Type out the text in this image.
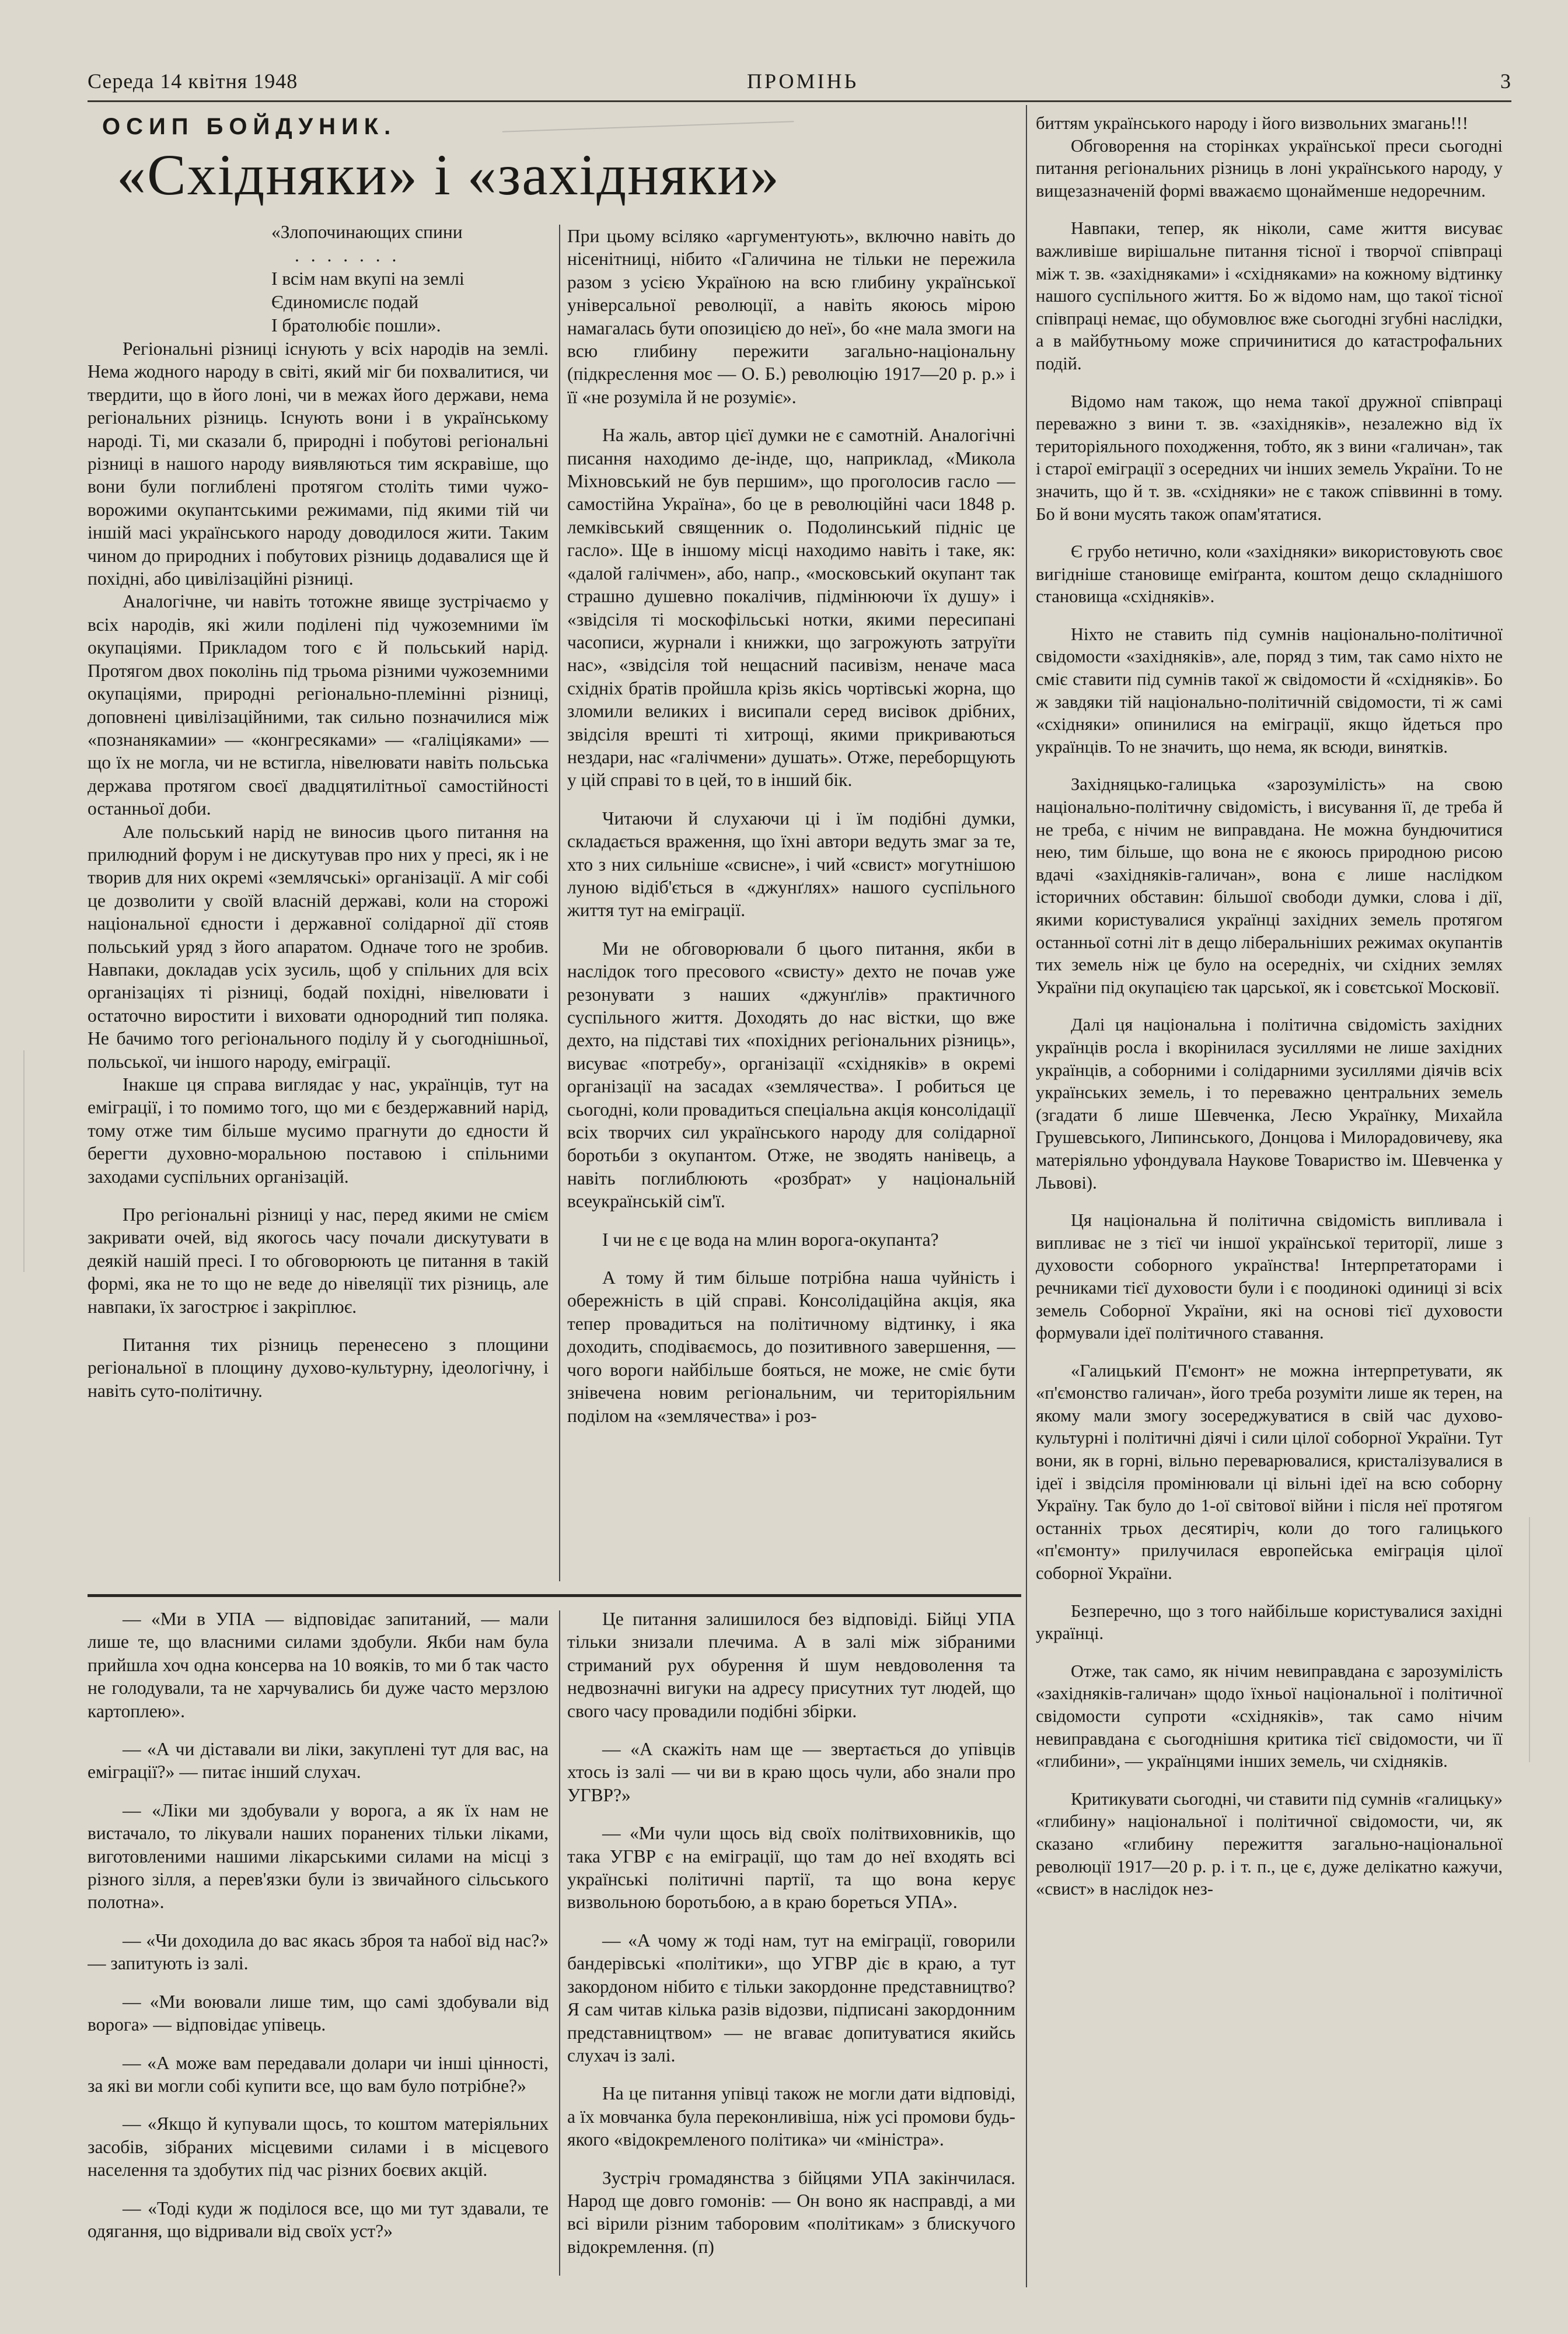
Середа 14 квітня 1948	ПРОМІНЬ	3
ОСИП БОЙДУНИК.
«Східняки» і «західняки»
«Злопочинающих спини
. . . . . . .
І всім нам вкупі на землі
Єдиномислє подай
І братолюбіє пошли».

Регіональні різниці існують у всіх народів на землі. Нема жодного народу в світі, який міг би похвалитися, чи твердити, що в його лоні, чи в межах його держави, нема регіональних різниць. Існують вони і в українському народі. Ті, ми сказали б, природні і побутові регіональні різниці в нашого народу виявляються тим яскравіше, що вони були поглиблені протягом століть тими чужо-ворожими окупантськими режимами, під якими тій чи іншій масі українського народу доводилося жити. Таким чином до природних і побутових різниць додавалися ще й похідні, або цивілізаційні різниці.

Аналогічне, чи навіть тотожне явище зустрічаємо у всіх народів, які жили поділені під чужоземними їм окупаціями. Прикладом того є й польський нарід. Протягом двох поколінь під трьома різними чужоземними окупаціями, природні регіонально-племінні різниці, доповнені цивілізаційними, так сильно позначилися між «познанякамии» — «конгресяками» — «галіціяками» — що їх не могла, чи не встигла, нівелювати навіть польська держава протягом своєї двадцятилітньої самостійності останньої доби.

Але польський нарід не виносив цього питання на прилюдний форум і не дискутував про них у пресі, як і не творив для них окремі «землячські» організації. А міг собі це дозволити у своїй власній державі, коли на сторожі національної єдности і державної солідарної дії стояв польський уряд з його апаратом. Одначе того не зробив. Навпаки, докладав усіх зусиль, щоб у спільних для всіх організаціях ті різниці, бодай похідні, нівелювати і остаточно виростити і виховати однородний тип поляка. Не бачимо того регіонального поділу й у сьогоднішньої, польської, чи іншого народу, еміграції.

Інакше ця справа виглядає у нас, українців, тут на еміграції, і то помимо того, що ми є бездержавний нарід, тому отже тим більше мусимо прагнути до єдности й берегти духовно-моральною поставою і спільними заходами суспільних організацій.

Про регіональні різниці у нас, перед якими не смієм закривати очей, від якогось часу почали дискутувати в деякій нашій пресі. І то обговорюють це питання в такій формі, яка не то що не веде до нівеляції тих різниць, але навпаки, їх загострює і закріплює.

Питання тих різниць перенесено з площини регіональної в площину духово-культурну, ідеологічну, і навіть суто-політичну.

При цьому всіляко «аргументують», включно навіть до нісенітниці, нібито «Галичина не тільки не пережила разом з усією Україною на всю глибину української універсальної революції, а навіть якоюсь мірою намагалась бути опозицією до неї», бо «не мала змоги на всю глибину пережити загально-національну (підкреслення моє — О. Б.) революцію 1917—20 р. р.» і її «не розуміла й не розуміє».

На жаль, автор цієї думки не є самотній. Аналогічні писання находимо де-інде, що, наприклад, «Микола Міхновський не був першим», що проголосив гасло — самостійна Україна», бо це в революційні часи 1848 р. лемківський священник о. Подолинський підніс це гасло». Ще в іншому місці находимо навіть і таке, як: «далой галічмен», або, напр., «московський окупант так страшно душевно покалічив, підмінюючи їх душу» і «звідсіля ті москофільські нотки, якими пересипані часописи, журнали і книжки, що загрожують затруїти нас», «звідсіля той нещасний пасивізм, неначе маса східніх братів пройшла крізь якісь чортівські жорна, що зломили великих і висипали серед висівок дрібних, звідсіля врешті ті хитрощі, якими прикриваються нездари, нас «галічмени» душать». Отже, переборщують у цій справі то в цей, то в інший бік.

Читаючи й слухаючи ці і їм подібні думки, складається враження, що їхні автори ведуть змаг за те, хто з них сильніше «свисне», і чий «свист» могутнішою луною відіб'ється в «джунґлях» нашого суспільного життя тут на еміграції.

Ми не обговорювали б цього питання, якби в наслідок того пресового «свисту» дехто не почав уже резонувати з наших «джунґлів» практичного суспільного життя. Доходять до нас вістки, що вже дехто, на підставі тих «похідних регіональних різниць», висуває «потребу», організації «східняків» в окремі організації на засадах «землячества». І робиться це сьогодні, коли провадиться спеціальна акція консолідації всіх творчих сил українського народу для солідарної боротьби з окупантом. Отже, не зводять нанівець, а навіть поглиблюють «розбрат» у національній всеукраїнській сім'ї.

І чи не є це вода на млин ворога-окупанта?

А тому й тим більше потрібна наша чуйність і обережність в цій справі. Консолідаційна акція, яка тепер провадиться на політичному відтинку, і яка доходить, сподіваємось, до позитивного завершення, — чого вороги найбільше бояться, не може, не сміє бути знівечена новим регіональним, чи територіяльним подiлом на «землячества» і роз-

биттям українського народу і його визвольних змагань!!!

Обговорення на сторінках української преси сьогодні питання регіональних різниць в лоні українського народу, у вищезазначеній формі вважаємо щонайменше недоречним.

Навпаки, тепер, як ніколи, саме життя висуває важливіше вирішальне питання тісної і творчої співпраці між т. зв. «західняками» і «східняками» на кожному відтинку нашого суспільного життя. Бо ж відомо нам, що такої тісної співпраці немає, що обумовлює вже сьогодні згубні наслідки, а в майбутньому може спричинитися до катастрофальних подій.

Відомо нам також, що нема такої дружної співпраці переважно з вини т. зв. «західняків», незалежно від їх територіяльного походження, тобто, як з вини «галичан», так і старої еміграції з осередних чи інших земель України. То не значить, що й т. зв. «східняки» не є також співвинні в тому. Бо й вони мусять також опам'ятатися.

Є грубо нетично, коли «західняки» використовують своє вигідніше становище еміґранта, коштом дещо складнішого становища «східняків».

Ніхто не ставить під сумнів національно-політичної свідомости «західняків», але, поряд з тим, так само ніхто не сміє ставити під сумнів такої ж свідомости й «східняків». Бо ж завдяки тій національно-політичній свідомости, ті ж самі «східняки» опинилися на еміграції, якщо йдеться про українців. То не значить, що нема, як всюди, винятків.

Західняцько-галицька «зарозумілість» на свою національно-політичну свідомість, і висування її, де треба й не треба, є нічим не виправдана. Не можна бундючитися нею, тим більше, що вона не є якоюсь природною рисою вдачі «західняків-галичан», вона є лише наслідком історичних обставин: більшої свободи думки, слова і дії, якими користувалися українці західних земель протягом останньої сотні літ в дещо ліберальніших режимах окупантів тих земель ніж це було на осередніх, чи східних землях України під окупацією так царської, як і совєтської Московії.

Далі ця національна і політична свідомість західних українців росла і вкорінилася зусиллями не лише західних українців, а соборними і солідарними зусиллями діячів всіх українських земель, і то переважно центральних земель (згадати б лише Шевченка, Лесю Українку, Михайла Грушевського, Липинського, Донцова і Милорадовичеву, яка матеріяльно уфондувала Наукове Товариство ім. Шевченка у Львові).

Ця національна й політична свідомість випливала і випливає не з тієї чи іншої української території, лише з духовости соборного українства! Інтерпретаторами і речниками тієї духовости були і є поодинокі одиниці зі всіх земель Соборної України, які на основі тієї духовости формували ідеї політичного ставання.

«Галицький П'ємонт» не можна інтерпретувати, як «п'ємонство галичан», його треба розуміти лише як терен, на якому мали змогу зосереджуватися в свій час духово-культурні і політичні діячі і сили цілої соборної України. Тут вони, як в горні, вільно переварювалися, кристалізувалися в ідеї і звідсіля промінювали ці вільні ідеї на всю соборну Україну. Так було до 1-ої світової війни і після неї протягом останніх трьох десятиріч, коли до того галицького «п'ємонту» прилучилася европейська еміграція цілої соборної України.

Безперечно, що з того найбільше користувалися західні українці.

Отже, так само, як нічим невиправдана є зарозумілість «західняків-галичан» щодо їхньої національної і політичної свідомости супроти «східняків», так само нічим невиправдана є сьогоднішня критика тієї свідомости, чи її «глибини», — українцями інших земель, чи східняків.

Критикувати сьогодні, чи ставити під сумнів «галицьку» «глибину» національної і політичної свідомости, чи, як сказано «глибину пережиття загально-національної революції 1917—20 р. р. і т. п., це є, дуже делікатно кажучи, «свист» в наслідок нез-

— «Ми в УПА — відповідає запитаний, — мали лише те, що власними силами здобули. Якби нам була прийшла хоч одна консерва на 10 вояків, то ми б так часто не голодували, та не харчувались би дуже часто мерзлою картоплею».

— «А чи діставали ви ліки, закуплені тут для вас, на еміграції?» — питає інший слухач.

— «Ліки ми здобували у ворога, а як їх нам не вистачало, то лікували наших поранених тільки ліками, виготовленими нашими лікарськими силами на місці з різного зілля, а перев'язки були із звичайного сільського полотна».

— «Чи доходила до вас якась зброя та набої від нас?» — запитують із залі.

— «Ми воювали лише тим, що самі здобували від ворога» — відповідає упівець.

— «А може вам передавали долари чи інші цінності, за які ви могли собі купити все, що вам було потрібне?»

— «Якщо й купували щось, то коштом матеріяльних засобів, зібраних місцевими силами і в місцевого населення та здобутих під час різних боєвих акцій.

— «Тоді куди ж поділося все, що ми тут здавали, те одягання, що відривали від своїх уст?»

Це питання залишилося без відповіді. Бійці УПА тільки знизали плечима. А в залі між зібраними стриманий рух обурення й шум невдоволення та недвозначні вигуки на адресу присутних тут людей, що свого часу провадили подібні збірки.

— «А скажіть нам ще — звертається до упівців хтось із залі — чи ви в краю щось чули, або знали про УГВР?»

— «Ми чули щось від своїх політвиховників, що така УГВР є на еміграції, що там до неї входять всі українські політичні партії, та що вона керує визвольною боротьбою, а в краю бореться УПА».

— «А чому ж тоді нам, тут на еміграції, говорили бандерівські «політики», що УГВР діє в краю, а тут закордоном нібито є тільки закордонне представництво? Я сам читав кілька разів відозви, підписані закордонним представництвом» — не вгаває допитуватися якийсь слухач із залі.

На це питання упівці також не могли дати відповіді, а їх мовчанка була переконливіша, ніж усі промови будь-якого «відокремленого політика» чи «міністра».

Зустріч громадянства з бійцями УПА закінчилася. Народ ще довго гомонів: — Он воно як насправді, а ми всі вірили різним таборовим «політикам» з блискучого відокремлення. (п)
